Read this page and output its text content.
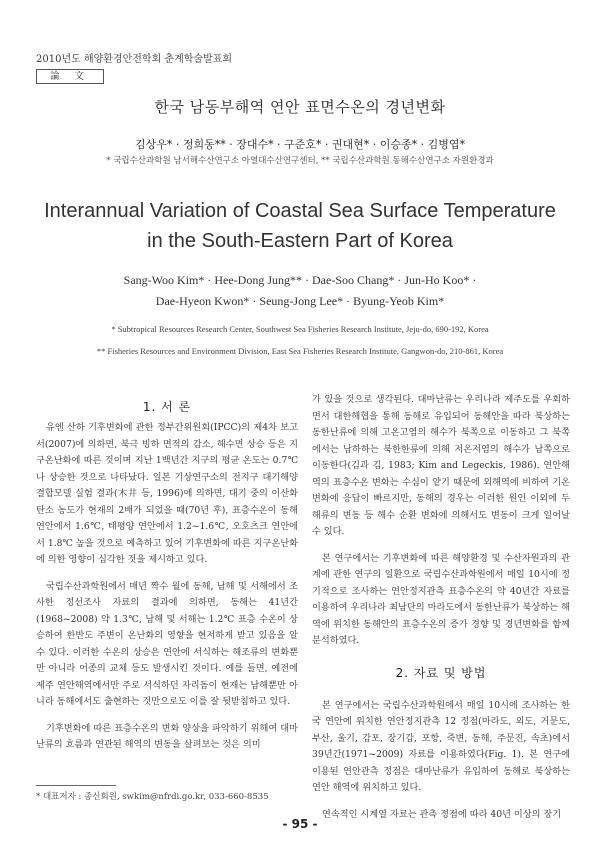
2010년도 해양환경안전학회 춘계학술발표회
論 文
한국 남동부해역 연안 표면수온의 경년변화
김상우* · 정희동** · 장대수* · 구준호* · 권대현* · 이승종* · 김병엽*
* 국립수산과학원 남서해수산연구소 아열대수산연구센터, ** 국립수산과학원 동해수산연구소 자원환경과
Interannual Variation of Coastal Sea Surface Temperature
in the South-Eastern Part of Korea
Sang-Woo Kim* · Hee-Dong Jung** · Dae-Soo Chang* · Jun-Ho Koo* ·
Dae-Hyeon Kwon* · Seung-Jong Lee* · Byung-Yeob Kim*
* Subtropical Resources Research Center, Southwest Sea Fisheries Research Institute, Jeju-do, 690-192, Korea
** Fisheries Resources and Environment Division, East Sea Fisheries Research Institute, Gangwon-do, 210-861, Korea
1. 서 론

유엔 산하 기후변화에 관한 정부간위원회(IPCC)의 제4차 보고서(2007)에 의하면, 북극 빙하 면적의 감소, 해수면 상승 등은 지구온난화에 따른 것이며 지난 1백년간 지구의 평균 온도는 0.7℃나 상승한 것으로 나타났다. 일본 기상연구소의 전지구 대기해양결합모델 실험 결과(木井 등, 1996)에 의하면, 대기 중의 이산화탄소 농도가 현재의 2배가 되었을 때(70년 후), 표층수온이 동해 연안에서 1.6℃, 태평양 연안에서 1.2~1.6℃, 오호츠크 연안에서 1.8℃ 높을 것으로 예측하고 있어 기후변화에 따른 지구온난화에 의한 영향이 심각한 것을 제시하고 있다.

국립수산과학원에서 매년 짝수 월에 동해, 남해 및 서해에서 조사한 정선조사 자료의 결과에 의하면, 동해는 41년간(1968~2008) 약 1.3℃, 남해 및 서해는 1.2℃ 표층 수온이 상승하여 한반도 주변이 온난화의 영향을 현저하게 받고 있음을 알 수 있다. 이러한 수온의 상승은 연안에 서식하는 해조류의 변화뿐만 아니라 어종의 교체 등도 발생시킨 것이다. 예를 들면, 예전에 제주 연안해역에서만 주로 서식하던 자리돔이 현재는 남해뿐만 아니라 동해에서도 출현하는 것만으로도 이를 잘 뒷받침하고 있다.

기후변화에 따른 표층수온의 변화 양상을 파악하기 위해여 대마난류의 흐름과 연관된 해역의 변동을 살펴보는 것은 의미

가 있을 것으로 생각된다. 대마난류는 우리나라 제주도를 우회하면서 대한해협을 통해 동해로 유입되어 동해안을 따라 북상하는 동한난류에 의해 고온고염의 해수가 북쪽으로 이동하고 그 북쪽에서는 남하하는 북한한류에 의해 저온저염의 해수가 남쪽으로 이동한다(김과 김, 1983; Kim and Legeckis, 1986). 연안해역의 표층수온 변화는 수심이 얕기 때문에 외해역에 비하여 기온 변화에 응답이 빠르지만, 동해의 경우는 이러한 원인 이외에 두 해류의 변동 등 해수 순환 변화에 의해서도 변동이 크게 일어날 수 있다.

본 연구에서는 기후변화에 따른 해양환경 및 수산자원과의 관계에 관한 연구의 일환으로 국립수산과학원에서 매일 10시에 정기적으로 조사하는 연안정지관측 표층수온의 약 40년간 자료를 이용하여 우리나라 최남단의 마라도에서 동한난류가 북상하는 해역에 위치한 동해안의 표층수온의 증가 경향 및 경년변화를 함께 분석하였다.

본 연구에서는 국립수산과학원에서 매일 10시에 조사하는 한국 연안에 위치한 연안정지관측 12 정점(마라도, 외도, 거문도, 부산, 울기, 감포, 장기갑, 포항, 죽변, 동해, 주문진, 속초)에서 39년간(1971~2009) 자료를 이용하였다(Fig. 1). 본 연구에 이용된 연안관측 정점은 대마난류가 유입하여 동해로 북상하는 연안 해역에 위치하고 있다.

연속적인 시계열 자료는 관측 정점에 따라 40년 이상의 장기

2. 자료 및 방법
* 대표저자 : 종신회원, swkim@nfrdi.go.kr, 033-660-8535
- 95 -
